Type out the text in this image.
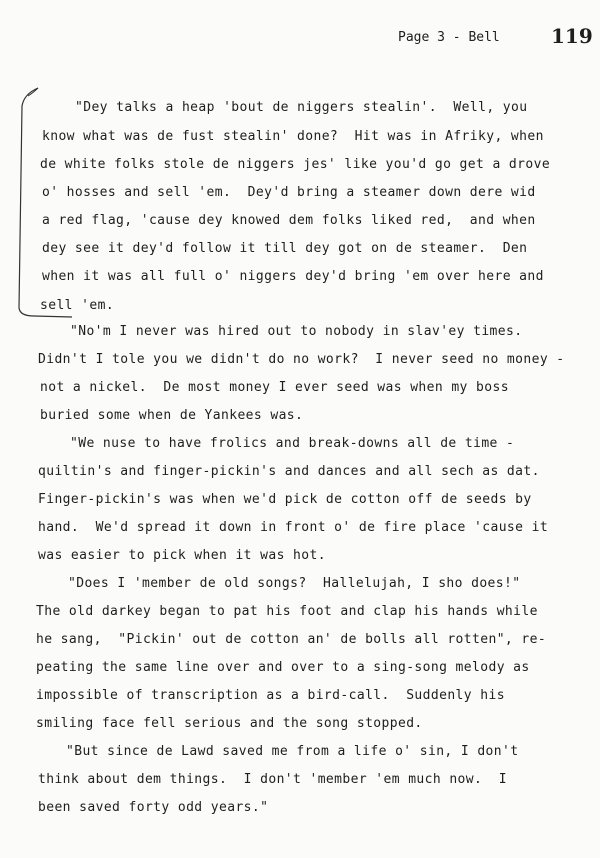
Page 3 - Bell	119
"Dey talks a heap 'bout de niggers stealin'.  Well, you
know what was de fust stealin' done?  Hit was in Afriky, when
de white folks stole de niggers jes' like you'd go get a drove
o' hosses and sell 'em.  Dey'd bring a steamer down dere wid
a red flag, 'cause dey knowed dem folks liked red,  and when
dey see it dey'd follow it till dey got on de steamer.  Den
when it was all full o' niggers dey'd bring 'em over here and
sell 'em.
"No'm I never was hired out to nobody in slav'ey times.
Didn't I tole you we didn't do no work?  I never seed no money -
not a nickel.  De most money I ever seed was when my boss
buried some when de Yankees was.
"We nuse to have frolics and break-downs all de time -
quiltin's and finger-pickin's and dances and all sech as dat.
Finger-pickin's was when we'd pick de cotton off de seeds by
hand.  We'd spread it down in front o' de fire place 'cause it
was easier to pick when it was hot.
"Does I 'member de old songs?  Hallelujah, I sho does!"
The old darkey began to pat his foot and clap his hands while
he sang,  "Pickin' out de cotton an' de bolls all rotten", re-
peating the same line over and over to a sing-song melody as
impossible of transcription as a bird-call.  Suddenly his
smiling face fell serious and the song stopped.
"But since de Lawd saved me from a life o' sin, I don't
think about dem things.  I don't 'member 'em much now.  I
been saved forty odd years."
